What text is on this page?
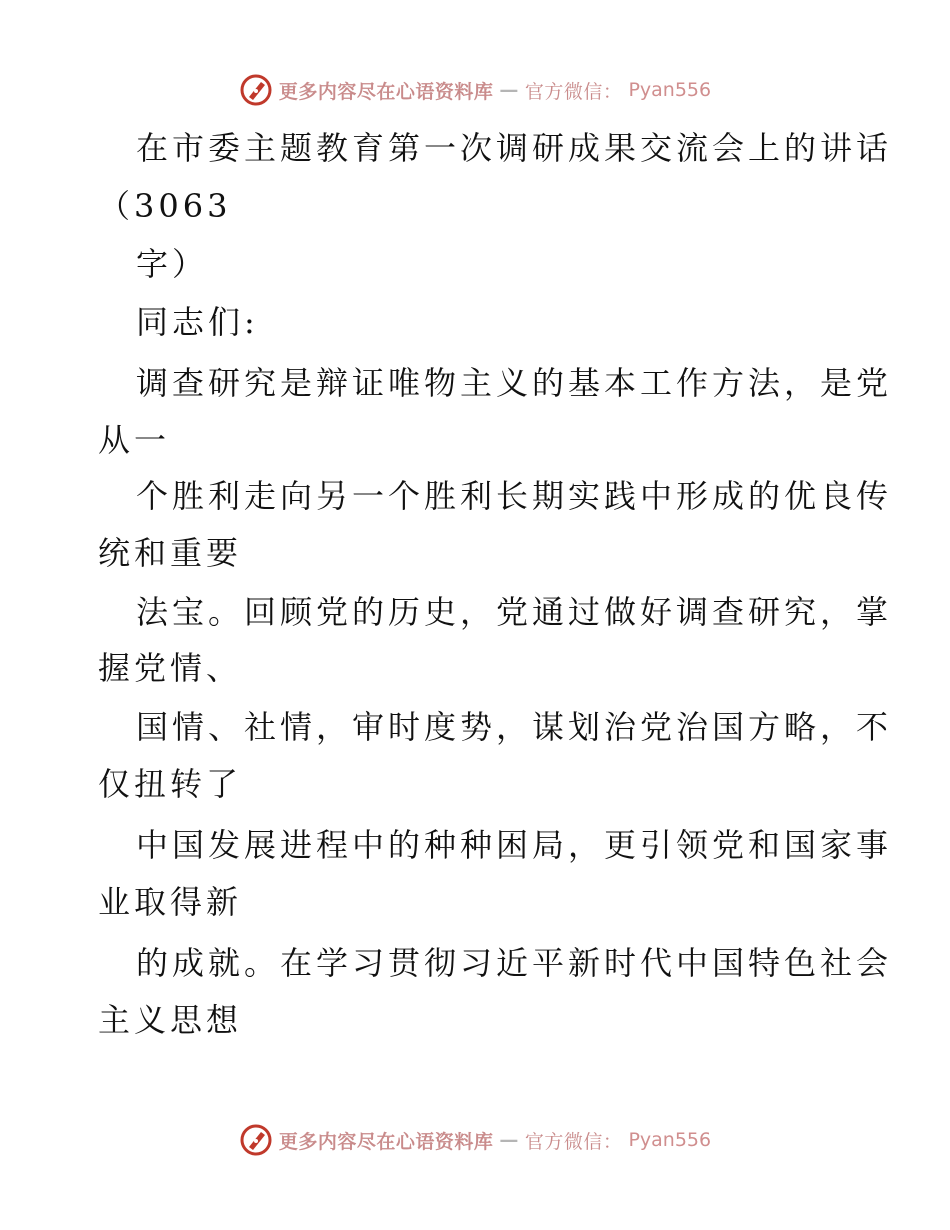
更多内容尽在心语资料库 — 官方微信： Pyan556
在市委主题教育第一次调研成果交流会上的讲话
（3063
字）
同志们:
调查研究是辩证唯物主义的基本工作方法，是党
从一
个胜利走向另一个胜利长期实践中形成的优良传
统和重要
法宝。回顾党的历史，党通过做好调查研究，掌
握党情、
国情、社情，审时度势，谋划治党治国方略，不
仅扭转了
中国发展进程中的种种困局，更引领党和国家事
业取得新
的成就。在学习贯彻习近平新时代中国特色社会
主义思想
更多内容尽在心语资料库 — 官方微信： Pyan556
